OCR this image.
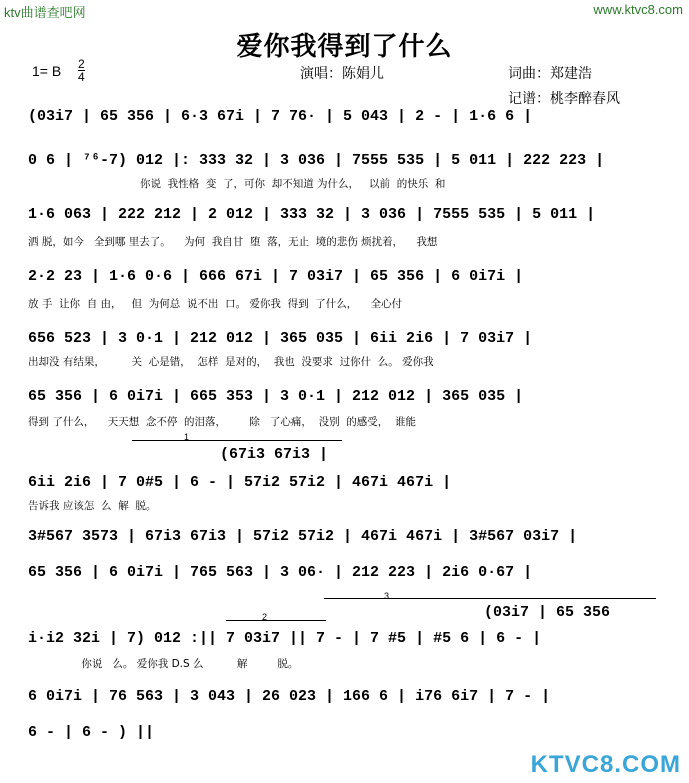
ktv曲谱查吧网	www.ktvc8.com
爱你我得到了什么
1= B 2
4	演唱：陈娟儿	词曲：郑建浩
记谱：桃李醉春风
(03i7 | 65 356 | 6·3 67i | 7 76· | 5 043 | 2 - | 1·6 6 |
0 6 | ⁷⁶-7) 012 |: 333 32 | 3 036 | 7555 535 | 5 011 | 222 223 |
你说  我性格  变  了，可你  却不知道 为什么，   以前  的快乐  和
1·6 063 | 222 212 | 2 012 | 333 32 | 3 036 | 7555 535 | 5 011 |
洒 脱，如今   全到哪 里去了。    为何  我自甘  堕  落，无止  境的悲伤 烦扰着，    我想
2·2 23 | 1·6 0·6 | 666 67i | 7 03i7 | 65 356 | 6 0i7i |
放 手  让你  自 由，   但  为何总  说不出  口。 爱你我  得到  了什么，    全心付
656 523 | 3 0·1 | 212 012 | 365 035 | 6ii 2i6 | 7 03i7 |
出却没 有结果，        关  心是错，  怎样  是对的，  我也  没要求  过你什  么。 爱你我
65 356 | 6 0i7i | 665 353 | 3 0·1 | 212 012 | 365 035 |
得到 了什么，    天天想  念不停  的泪落，       除   了心痛，  没别  的感受，  谁能
1
(67i3 67i3 |
6ii 2i6 | 7 0#5 | 6 - | 57i2 57i2 | 467i 467i |
告诉我 应该怎  么  解  脱。
3#567 3573 | 67i3 67i3 | 57i2 57i2 | 467i 467i | 3#567 03i7 |
65 356 | 6 0i7i | 765 563 | 3 06· | 212 223 | 2i6 0·67 |
3
(03i7 | 65 356
2
i·i2 32i | 7) 012 :|| 7 03i7 || 7 - | 7 #5 | #5 6 | 6 - |
你说   么。 爱你我 D.S 么          解         脱。
6 0i7i | 76 563 | 3 043 | 26 023 | 166 6 | i76 6i7 | 7 - |
6 - | 6 - ) ||
KTVC8.COM
